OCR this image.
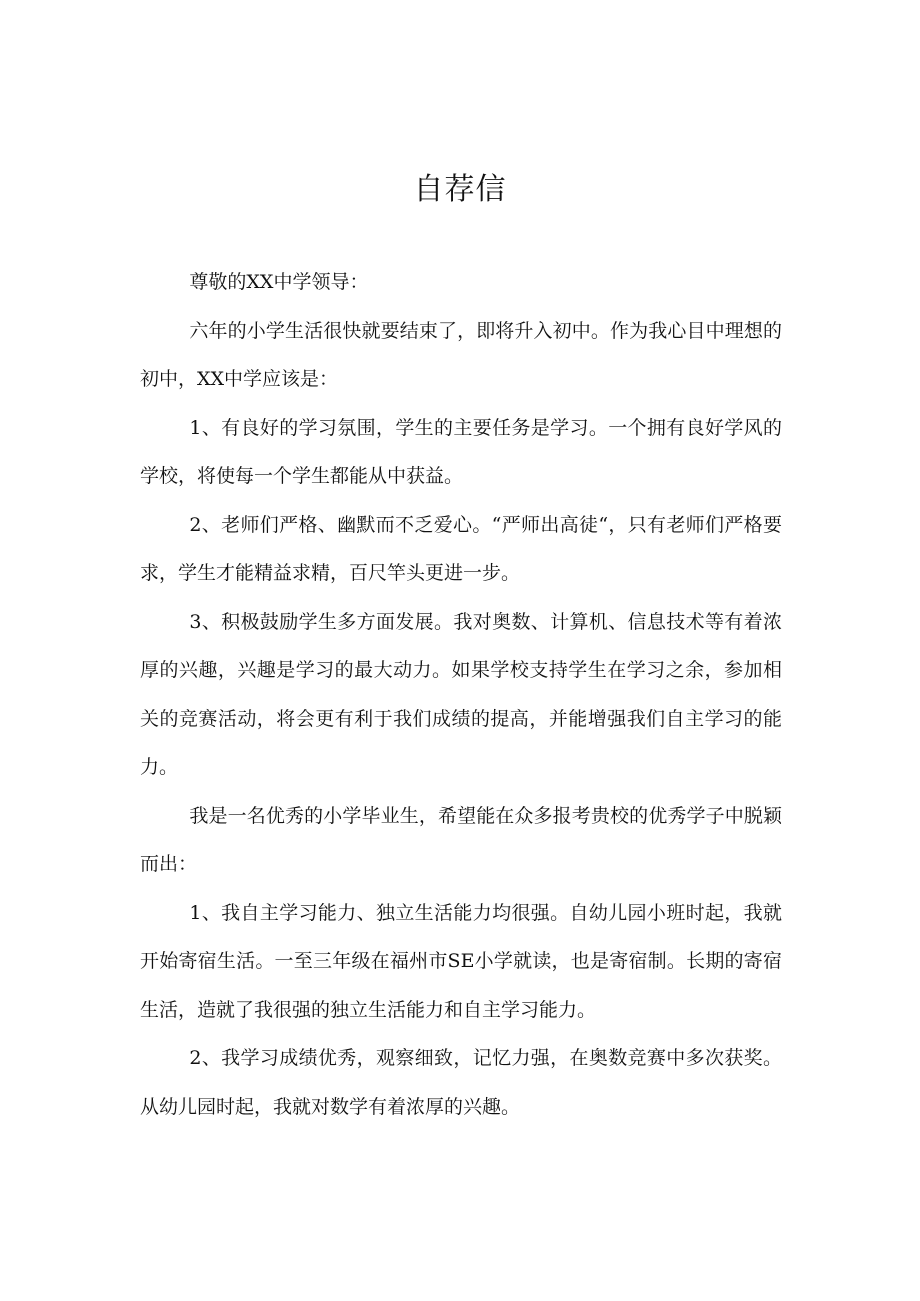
自荐信

尊敬的XX中学领导：

六年的小学生活很快就要结束了，即将升入初中。作为我心目中理想的初中，XX中学应该是：

1、有良好的学习氛围，学生的主要任务是学习。一个拥有良好学风的学校，将使每一个学生都能从中获益。

2、老师们严格、幽默而不乏爱心。“严师出高徒“，只有老师们严格要求，学生才能精益求精，百尺竿头更进一步。

3、积极鼓励学生多方面发展。我对奥数、计算机、信息技术等有着浓厚的兴趣，兴趣是学习的最大动力。如果学校支持学生在学习之余，参加相关的竞赛活动，将会更有利于我们成绩的提高，并能增强我们自主学习的能力。

我是一名优秀的小学毕业生，希望能在众多报考贵校的优秀学子中脱颖而出：

1、我自主学习能力、独立生活能力均很强。自幼儿园小班时起，我就开始寄宿生活。一至三年级在福州市SE小学就读，也是寄宿制。长期的寄宿生活，造就了我很强的独立生活能力和自主学习能力。

2、我学习成绩优秀，观察细致，记忆力强，在奥数竞赛中多次获奖。从幼儿园时起，我就对数学有着浓厚的兴趣。
